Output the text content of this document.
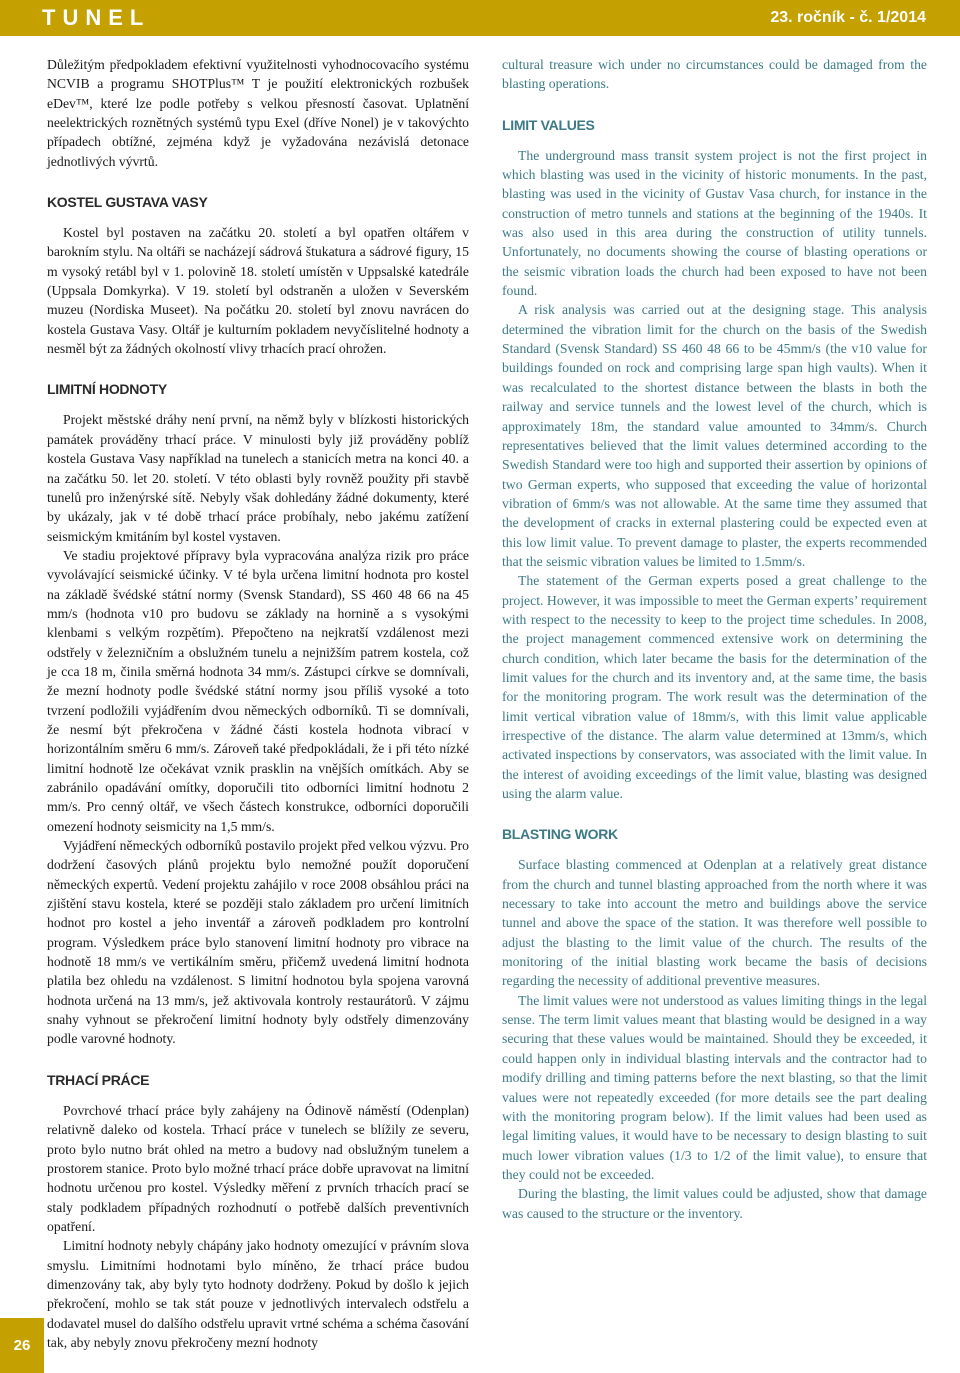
TUNEL	23. ročník - č. 1/2014

Důležitým předpokladem efektivní využitelnosti vyhodnocovacího systému NCVIB a programu SHOTPlus™ T je použití elektronických rozbušek eDev™, které lze podle potřeby s velkou přesností časovat. Uplatnění neelektrických roznětných systémů typu Exel (dříve Nonel) je v takovýchto případech obtížné, zejména když je vyžadována nezávislá detonace jednotlivých vývrtů.

KOSTEL GUSTAVA VASY

Kostel byl postaven na začátku 20. století a byl opatřen oltářem v barokním stylu. Na oltáři se nacházejí sádrová štukatura a sádrové figury, 15 m vysoký retábl byl v 1. polovině 18. století umístěn v Uppsalské katedrále (Uppsala Domkyrka). V 19. století byl odstraněn a uložen v Severském muzeu (Nordiska Museet). Na počátku 20. století byl znovu navrácen do kostela Gustava Vasy. Oltář je kulturním pokladem nevyčíslitelné hodnoty a nesměl být za žádných okolností vlivy trhacích prací ohrožen.

LIMITNÍ HODNOTY

Projekt městské dráhy není první, na němž byly v blízkosti historických památek prováděny trhací práce. V minulosti byly již prováděny poblíž kostela Gustava Vasy například na tunelech a stanicích metra na konci 40. a na začátku 50. let 20. století. V této oblasti byly rovněž použity při stavbě tunelů pro inženýrské sítě. Nebyly však dohledány žádné dokumenty, které by ukázaly, jak v té době trhací práce probíhaly, nebo jakému zatížení seismickým kmitáním byl kostel vystaven.

Ve stadiu projektové přípravy byla vypracována analýza rizik pro práce vyvolávající seismické účinky. V té byla určena limitní hodnota pro kostel na základě švédské státní normy (Svensk Standard), SS 460 48 66 na 45 mm/s (hodnota v10 pro budovu se základy na hornině a s vysokými klenbami s velkým rozpětím). Přepočteno na nejkratší vzdálenost mezi odstřely v železničním a obslužném tunelu a nejnižším patrem kostela, což je cca 18 m, činila směrná hodnota 34 mm/s. Zástupci církve se domnívali, že mezní hodnoty podle švédské státní normy jsou příliš vysoké a toto tvrzení podložili vyjádřením dvou německých odborníků. Ti se domnívali, že nesmí být překročena v žádné části kostela hodnota vibrací v horizontálním směru 6 mm/s. Zároveň také předpokládali, že i při této nízké limitní hodnotě lze očekávat vznik prasklin na vnějších omítkách. Aby se zabránilo opadávání omítky, doporučili tito odborníci limitní hodnotu 2 mm/s. Pro cenný oltář, ve všech částech konstrukce, odborníci doporučili omezení hodnoty seismicity na 1,5 mm/s.

Vyjádření německých odborníků postavilo projekt před velkou výzvu. Pro dodržení časových plánů projektu bylo nemožné použít doporučení německých expertů. Vedení projektu zahájilo v roce 2008 obsáhlou práci na zjištění stavu kostela, které se později stalo základem pro určení limitních hodnot pro kostel a jeho inventář a zároveň podkladem pro kontrolní program. Výsledkem práce bylo stanovení limitní hodnoty pro vibrace na hodnotě 18 mm/s ve vertikálním směru, přičemž uvedená limitní hodnota platila bez ohledu na vzdálenost. S limitní hodnotou byla spojena varovná hodnota určená na 13 mm/s, jež aktivovala kontroly restaurátorů. V zájmu snahy vyhnout se překročení limitní hodnoty byly odstřely dimenzovány podle varovné hodnoty.

TRHACÍ PRÁCE

Povrchové trhací práce byly zahájeny na Ódinově náměstí (Odenplan) relativně daleko od kostela. Trhací práce v tunelech se blížily ze severu, proto bylo nutno brát ohled na metro a budovy nad obslužným tunelem a prostorem stanice. Proto bylo možné trhací práce dobře upravovat na limitní hodnotu určenou pro kostel. Výsledky měření z prvních trhacích prací se staly podkladem případných rozhodnutí o potřebě dalších preventivních opatření.

Limitní hodnoty nebyly chápány jako hodnoty omezující v právním slova smyslu. Limitními hodnotami bylo míněno, že trhací práce budou dimenzovány tak, aby byly tyto hodnoty dodrženy. Pokud by došlo k jejich překročení, mohlo se tak stát pouze v jednotlivých intervalech odstřelu a dodavatel musel do dalšího odstřelu upravit vrtné schéma a schéma časování tak, aby nebyly znovu překročeny mezní hodnoty

cultural treasure wich under no circumstances could be damaged from the blasting operations.

LIMIT VALUES

The underground mass transit system project is not the first project in which blasting was used in the vicinity of historic monuments. In the past, blasting was used in the vicinity of Gustav Vasa church, for instance in the construction of metro tunnels and stations at the beginning of the 1940s. It was also used in this area during the construction of utility tunnels. Unfortunately, no documents showing the course of blasting operations or the seismic vibration loads the church had been exposed to have not been found.

A risk analysis was carried out at the designing stage. This analysis determined the vibration limit for the church on the basis of the Swedish Standard (Svensk Standard) SS 460 48 66 to be 45mm/s (the v10 value for buildings founded on rock and comprising large span high vaults). When it was recalculated to the shortest distance between the blasts in both the railway and service tunnels and the lowest level of the church, which is approximately 18m, the standard value amounted to 34mm/s. Church representatives believed that the limit values determined according to the Swedish Standard were too high and supported their assertion by opinions of two German experts, who supposed that exceeding the value of horizontal vibration of 6mm/s was not allowable. At the same time they assumed that the development of cracks in external plastering could be expected even at this low limit value. To prevent damage to plaster, the experts recommended that the seismic vibration values be limited to 1.5mm/s.

The statement of the German experts posed a great challenge to the project. However, it was impossible to meet the German experts’ requirement with respect to the necessity to keep to the project time schedules. In 2008, the project management commenced extensive work on determining the church condition, which later became the basis for the determination of the limit values for the church and its inventory and, at the same time, the basis for the monitoring program. The work result was the determination of the limit vertical vibration value of 18mm/s, with this limit value applicable irrespective of the distance. The alarm value determined at 13mm/s, which activated inspections by conservators, was associated with the limit value. In the interest of avoiding exceedings of the limit value, blasting was designed using the alarm value.

BLASTING WORK

Surface blasting commenced at Odenplan at a relatively great distance from the church and tunnel blasting approached from the north where it was necessary to take into account the metro and buildings above the service tunnel and above the space of the station. It was therefore well possible to adjust the blasting to the limit value of the church. The results of the monitoring of the initial blasting work became the basis of decisions regarding the necessity of additional preventive measures.

The limit values were not understood as values limiting things in the legal sense. The term limit values meant that blasting would be designed in a way securing that these values would be maintained. Should they be exceeded, it could happen only in individual blasting intervals and the contractor had to modify drilling and timing patterns before the next blasting, so that the limit values were not repeatedly exceeded (for more details see the part dealing with the monitoring program below). If the limit values had been used as legal limiting values, it would have to be necessary to design blasting to suit much lower vibration values (1/3 to 1/2 of the limit value), to ensure that they could not be exceeded.

During the blasting, the limit values could be adjusted, show that damage was caused to the structure or the inventory.

26
